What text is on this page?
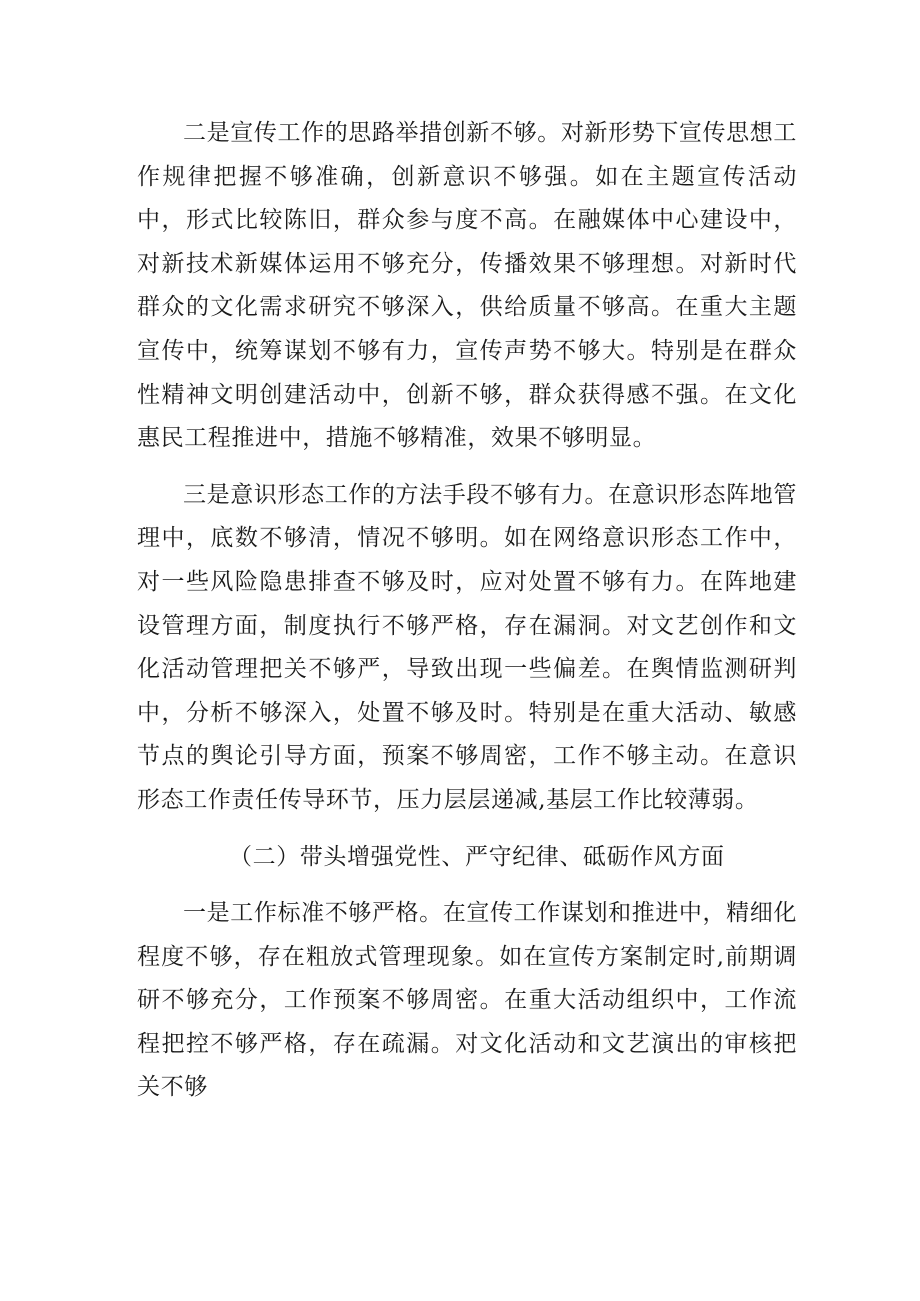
二是宣传工作的思路举措创新不够。对新形势下宣传思想工作规律把握不够准确，创新意识不够强。如在主题宣传活动中，形式比较陈旧，群众参与度不高。在融媒体中心建设中，对新技术新媒体运用不够充分，传播效果不够理想。对新时代群众的文化需求研究不够深入，供给质量不够高。在重大主题宣传中，统筹谋划不够有力，宣传声势不够大。特别是在群众性精神文明创建活动中，创新不够，群众获得感不强。在文化惠民工程推进中，措施不够精准，效果不够明显。

三是意识形态工作的方法手段不够有力。在意识形态阵地管理中，底数不够清，情况不够明。如在网络意识形态工作中，对一些风险隐患排查不够及时，应对处置不够有力。在阵地建设管理方面，制度执行不够严格，存在漏洞。对文艺创作和文化活动管理把关不够严，导致出现一些偏差。在舆情监测研判中，分析不够深入，处置不够及时。特别是在重大活动、敏感节点的舆论引导方面，预案不够周密，工作不够主动。在意识形态工作责任传导环节，压力层层递减,基层工作比较薄弱。

（二）带头增强党性、严守纪律、砥砺作风方面

一是工作标准不够严格。在宣传工作谋划和推进中，精细化程度不够，存在粗放式管理现象。如在宣传方案制定时,前期调研不够充分，工作预案不够周密。在重大活动组织中，工作流程把控不够严格，存在疏漏。对文化活动和文艺演出的审核把关不够
